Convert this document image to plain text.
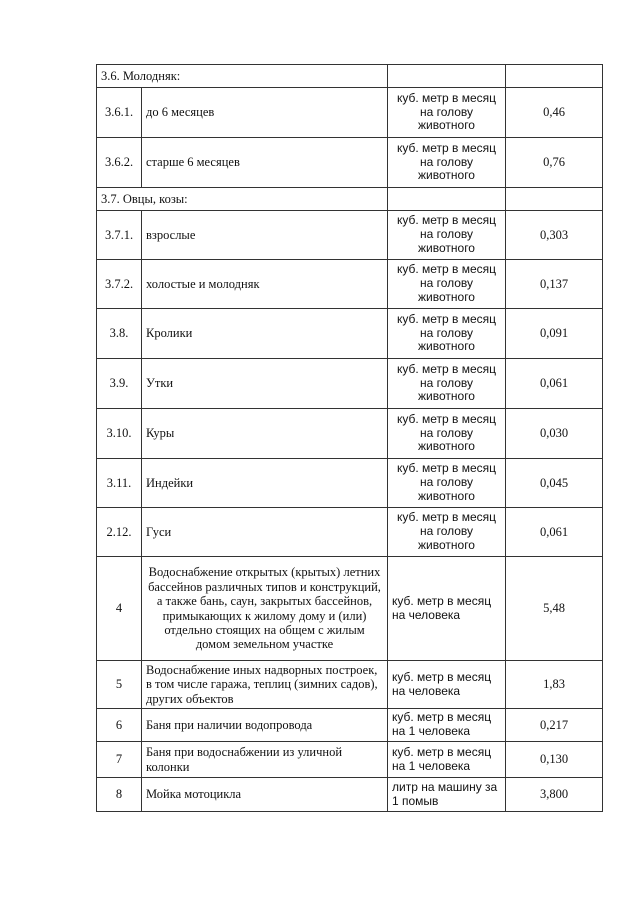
3.6. Молодняк:			
3.6.1.	до 6 месяцев	куб. метр в месяц на голову животного	0,46
3.6.2.	старше 6 месяцев	куб. метр в месяц на голову животного	0,76
3.7. Овцы, козы:			
3.7.1.	взрослые	куб. метр в месяц на голову животного	0,303
3.7.2.	холостые и молодняк	куб. метр в месяц на голову животного	0,137
3.8.	Кролики	куб. метр в месяц на голову животного	0,091
3.9.	Утки	куб. метр в месяц на голову животного	0,061
3.10.	Куры	куб. метр в месяц на голову животного	0,030
3.11.	Индейки	куб. метр в месяц на голову животного	0,045
2.12.	Гуси	куб. метр в месяц на голову животного	0,061
4	Водоснабжение открытых (крытых) летних бассейнов различных типов и конструкций, а также бань, саун, закрытых бассейнов, примыкающих к жилому дому и (или) отдельно стоящих на общем с жилым домом земельном участке	куб. метр в месяц на человека	5,48
5	Водоснабжение иных надворных построек, в том числе гаража, теплиц (зимних садов), других объектов	куб. метр в месяц на человека	1,83
6	Баня при наличии водопровода	куб. метр в месяц на 1 человека	0,217
7	Баня при водоснабжении из уличной колонки	куб. метр в месяц на 1 человека	0,130
8	Мойка мотоцикла	литр на машину за 1 помыв	3,800
